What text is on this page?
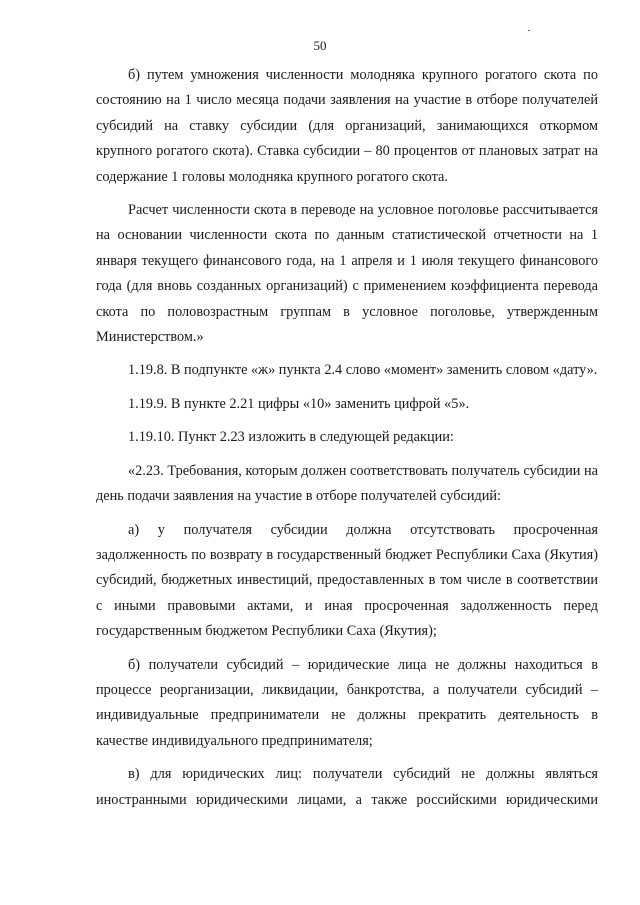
50

б) путем умножения численности молодняка крупного рогатого скота по состоянию на 1 число месяца подачи заявления на участие в отборе получателей субсидий на ставку субсидии (для организаций, занимающихся откормом крупного рогатого скота). Ставка субсидии – 80 процентов от плановых затрат на содержание 1 головы молодняка крупного рогатого скота.

Расчет численности скота в переводе на условное поголовье рассчитывается на основании численности скота по данным статистической отчетности на 1 января текущего финансового года, на 1 апреля и 1 июля текущего финансового года (для вновь созданных организаций) с применением коэффициента перевода скота по половозрастным группам в условное поголовье, утвержденным Министерством.»

1.19.8. В подпункте «ж» пункта 2.4 слово «момент» заменить словом «дату».

1.19.9. В пункте 2.21 цифры «10» заменить цифрой «5».

1.19.10. Пункт 2.23 изложить в следующей редакции:

«2.23. Требования, которым должен соответствовать получатель субсидии на день подачи заявления на участие в отборе получателей субсидий:

а) у получателя субсидии должна отсутствовать просроченная задолженность по возврату в государственный бюджет Республики Саха (Якутия) субсидий, бюджетных инвестиций, предоставленных в том числе в соответствии с иными правовыми актами, и иная просроченная задолженность перед государственным бюджетом Республики Саха (Якутия);

б) получатели субсидий – юридические лица не должны находиться в процессе реорганизации, ликвидации, банкротства, а получатели субсидий – индивидуальные предприниматели не должны прекратить деятельность в качестве индивидуального предпринимателя;

в) для юридических лиц: получатели субсидий не должны являться иностранными юридическими лицами, а также российскими юридическими
